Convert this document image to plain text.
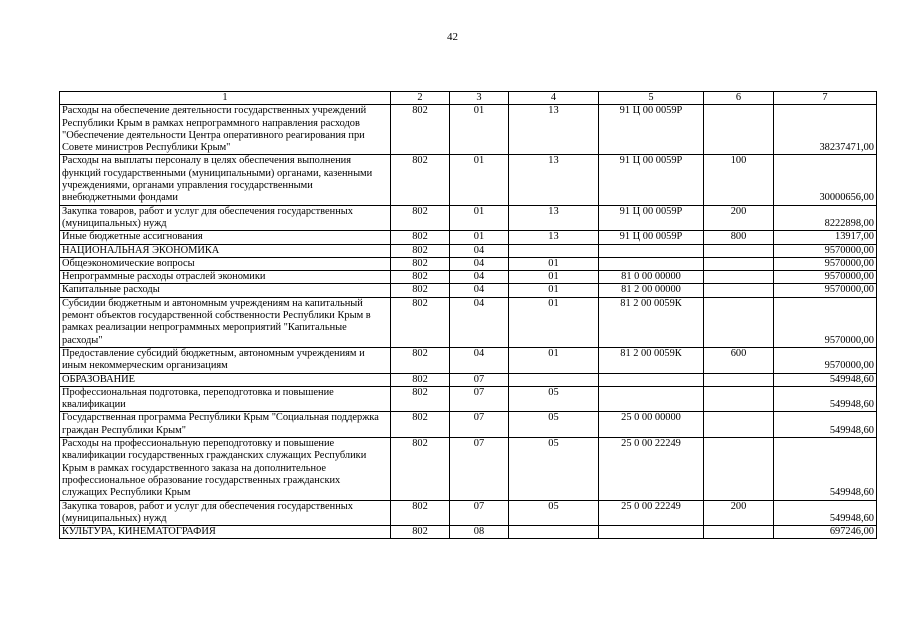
42
1	2	3	4	5	6	7
Расходы на обеспечение деятельности государственных учреждений Республики Крым в рамках непрограммного направления расходов "Обеспечение деятельности Центра оперативного реагирования при Совете министров Республики Крым"	802	01	13	91 Ц 00 0059Р		38237471,00
Расходы на выплаты персоналу в целях обеспечения выполнения функций государственными (муниципальными) органами, казенными учреждениями, органами управления государственными внебюджетными фондами	802	01	13	91 Ц 00 0059Р	100	30000656,00
Закупка товаров, работ и услуг для обеспечения государственных (муниципальных) нужд	802	01	13	91 Ц 00 0059Р	200	8222898,00
Иные бюджетные ассигнования	802	01	13	91 Ц 00 0059Р	800	13917,00
НАЦИОНАЛЬНАЯ ЭКОНОМИКА	802	04				9570000,00
Общеэкономические вопросы	802	04	01			9570000,00
Непрограммные расходы отраслей экономики	802	04	01	81 0 00 00000		9570000,00
Капитальные расходы	802	04	01	81 2 00 00000		9570000,00
Субсидии бюджетным и автономным учреждениям на капитальный ремонт объектов государственной собственности Республики Крым в рамках реализации непрограммных мероприятий "Капитальные расходы"	802	04	01	81 2 00 0059К		9570000,00
Предоставление субсидий бюджетным, автономным учреждениям и иным некоммерческим организациям	802	04	01	81 2 00 0059К	600	9570000,00
ОБРАЗОВАНИЕ	802	07				549948,60
Профессиональная подготовка, переподготовка и повышение квалификации	802	07	05			549948,60
Государственная программа Республики Крым "Социальная поддержка граждан Республики Крым"	802	07	05	25 0 00 00000		549948,60
Расходы на профессиональную переподготовку и повышение квалификации государственных гражданских служащих Республики Крым в рамках государственного заказа на дополнительное профессиональное образование государственных гражданских служащих Республики Крым	802	07	05	25 0 00 22249		549948,60
Закупка товаров, работ и услуг для обеспечения государственных (муниципальных) нужд	802	07	05	25 0 00 22249	200	549948,60
КУЛЬТУРА, КИНЕМАТОГРАФИЯ	802	08				697246,00
